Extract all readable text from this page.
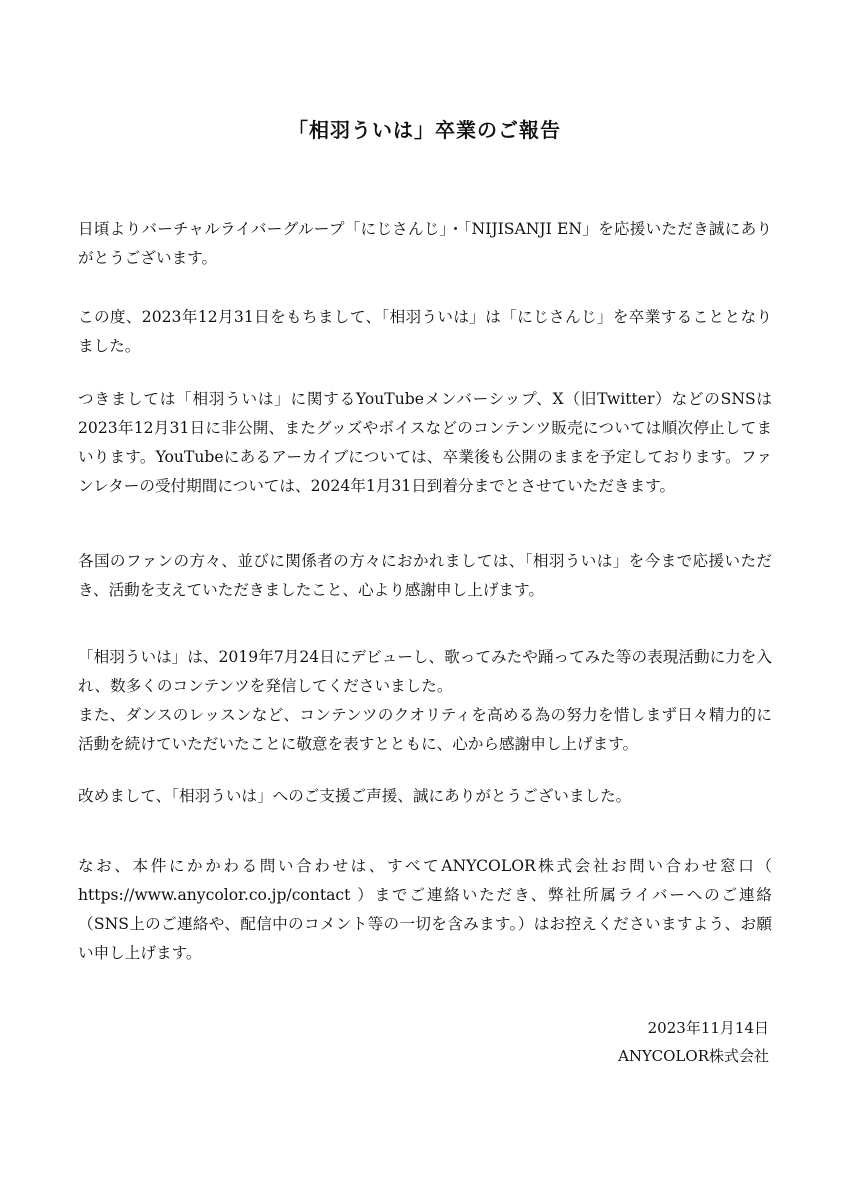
「相羽ういは」卒業のご報告

日頃よりバーチャルライバーグループ「にじさんじ」・「NIJISANJI EN」を応援いただき誠にありがとうございます。

この度、2023年12月31日をもちまして、「相羽ういは」は「にじさんじ」を卒業することとなりました。

つきましては「相羽ういは」に関するYouTubeメンバーシップ、X（旧Twitter）などのSNSは2023年12月31日に非公開、またグッズやボイスなどのコンテンツ販売については順次停止してまいります。YouTubeにあるアーカイブについては、卒業後も公開のままを予定しております。ファンレターの受付期間については、2024年1月31日到着分までとさせていただきます。

各国のファンの方々、並びに関係者の方々におかれましては、「相羽ういは」を今まで応援いただき、活動を支えていただきましたこと、心より感謝申し上げます。

「相羽ういは」は、2019年7月24日にデビューし、歌ってみたや踊ってみた等の表現活動に力を入れ、数多くのコンテンツを発信してくださいました。

また、ダンスのレッスンなど、コンテンツのクオリティを高める為の努力を惜しまず日々精力的に活動を続けていただいたことに敬意を表すとともに、心から感謝申し上げます。

改めまして、「相羽ういは」へのご支援ご声援、誠にありがとうございました。

なお、本件にかかわる問い合わせは、すべてANYCOLOR株式会社お問い合わせ窓口（ https://www.anycolor.co.jp/contact ）までご連絡いただき、弊社所属ライバーへのご連絡（SNS上のご連絡や、配信中のコメント等の一切を含みます。）はお控えくださいますよう、お願い申し上げます。

2023年11月14日
ANYCOLOR株式会社
